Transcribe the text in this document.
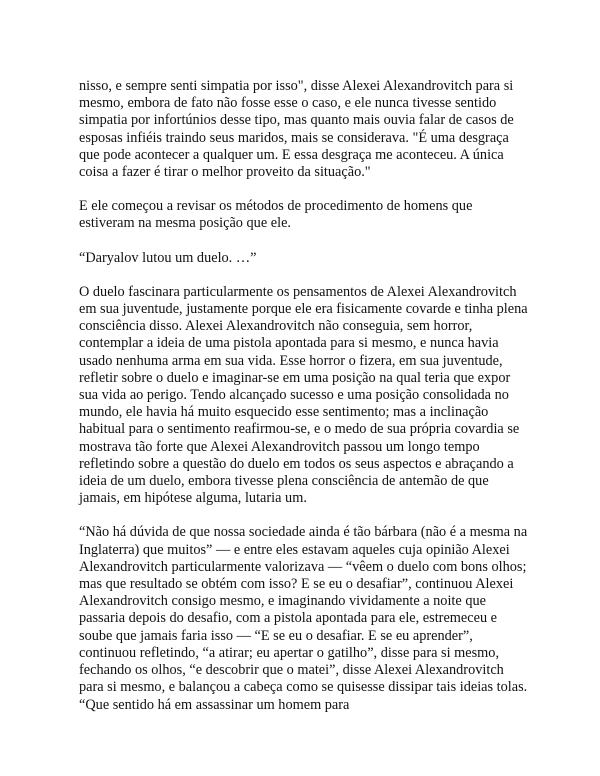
nisso, e sempre senti simpatia por isso", disse Alexei Alexandrovitch para si mesmo, embora de fato não fosse esse o caso, e ele nunca tivesse sentido simpatia por infortúnios desse tipo, mas quanto mais ouvia falar de casos de esposas infiéis traindo seus maridos, mais se considerava. "É uma desgraça que pode acontecer a qualquer um. E essa desgraça me aconteceu. A única coisa a fazer é tirar o melhor proveito da situação."

E ele começou a revisar os métodos de procedimento de homens que estiveram na mesma posição que ele.

“Daryalov lutou um duelo. …”

O duelo fascinara particularmente os pensamentos de Alexei Alexandrovitch em sua juventude, justamente porque ele era fisicamente covarde e tinha plena consciência disso. Alexei Alexandrovitch não conseguia, sem horror, contemplar a ideia de uma pistola apontada para si mesmo, e nunca havia usado nenhuma arma em sua vida. Esse horror o fizera, em sua juventude, refletir sobre o duelo e imaginar-se em uma posição na qual teria que expor sua vida ao perigo. Tendo alcançado sucesso e uma posição consolidada no mundo, ele havia há muito esquecido esse sentimento; mas a inclinação habitual para o sentimento reafirmou-se, e o medo de sua própria covardia se mostrava tão forte que Alexei Alexandrovitch passou um longo tempo refletindo sobre a questão do duelo em todos os seus aspectos e abraçando a ideia de um duelo, embora tivesse plena consciência de antemão de que jamais, em hipótese alguma, lutaria um.

“Não há dúvida de que nossa sociedade ainda é tão bárbara (não é a mesma na Inglaterra) que muitos” — e entre eles estavam aqueles cuja opinião Alexei Alexandrovitch particularmente valorizava — “vêem o duelo com bons olhos; mas que resultado se obtém com isso? E se eu o desafiar”, continuou Alexei Alexandrovitch consigo mesmo, e imaginando vividamente a noite que passaria depois do desafio, com a pistola apontada para ele, estremeceu e soube que jamais faria isso — “E se eu o desafiar. E se eu aprender”, continuou refletindo, “a atirar; eu apertar o gatilho”, disse para si mesmo, fechando os olhos, “e descobrir que o matei”, disse Alexei Alexandrovitch para si mesmo, e balançou a cabeça como se quisesse dissipar tais ideias tolas. “Que sentido há em assassinar um homem para
